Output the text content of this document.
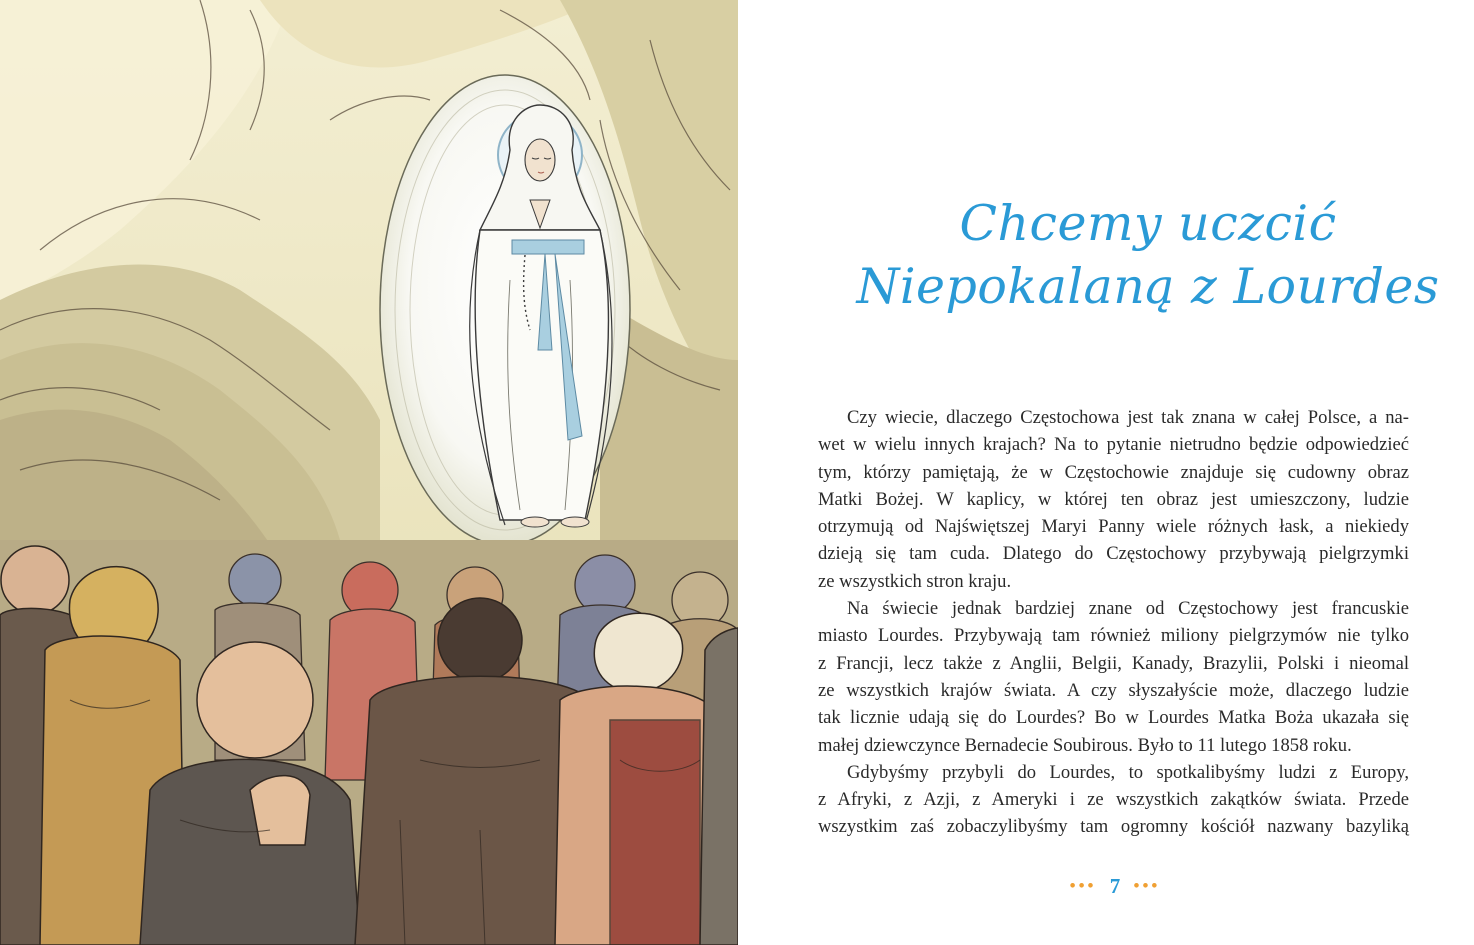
Chcemy uczcić
Niepokalaną z Lourdes

Czy wiecie, dlaczego Częstochowa jest tak znana w całej Polsce, a na-
wet w wielu innych krajach? Na to pytanie nietrudno będzie odpowiedzieć
tym, którzy pamiętają, że w Częstochowie znajduje się cudowny obraz
Matki Bożej. W kaplicy, w której ten obraz jest umieszczony, ludzie
otrzymują od Najświętszej Maryi Panny wiele różnych łask, a niekiedy
dzieją się tam cuda. Dlatego do Częstochowy przybywają pielgrzymki
ze wszystkich stron kraju.

Na świecie jednak bardziej znane od Częstochowy jest francuskie
miasto Lourdes. Przybywają tam również miliony pielgrzymów nie tylko
z Francji, lecz także z Anglii, Belgii, Kanady, Brazylii, Polski i nieomal
ze wszystkich krajów świata. A czy słyszałyście może, dlaczego ludzie
tak licznie udają się do Lourdes? Bo w Lourdes Matka Boża ukazała się
małej dziewczynce Bernadecie Soubirous. Było to 11 lutego 1858 roku.

Gdybyśmy przybyli do Lourdes, to spotkalibyśmy ludzi z Europy,
z Afryki, z Azji, z Ameryki i ze wszystkich zakątków świata. Przede
wszystkim zaś zobaczylibyśmy tam ogromny kościół nazwany bazyliką

••• 7 •••
